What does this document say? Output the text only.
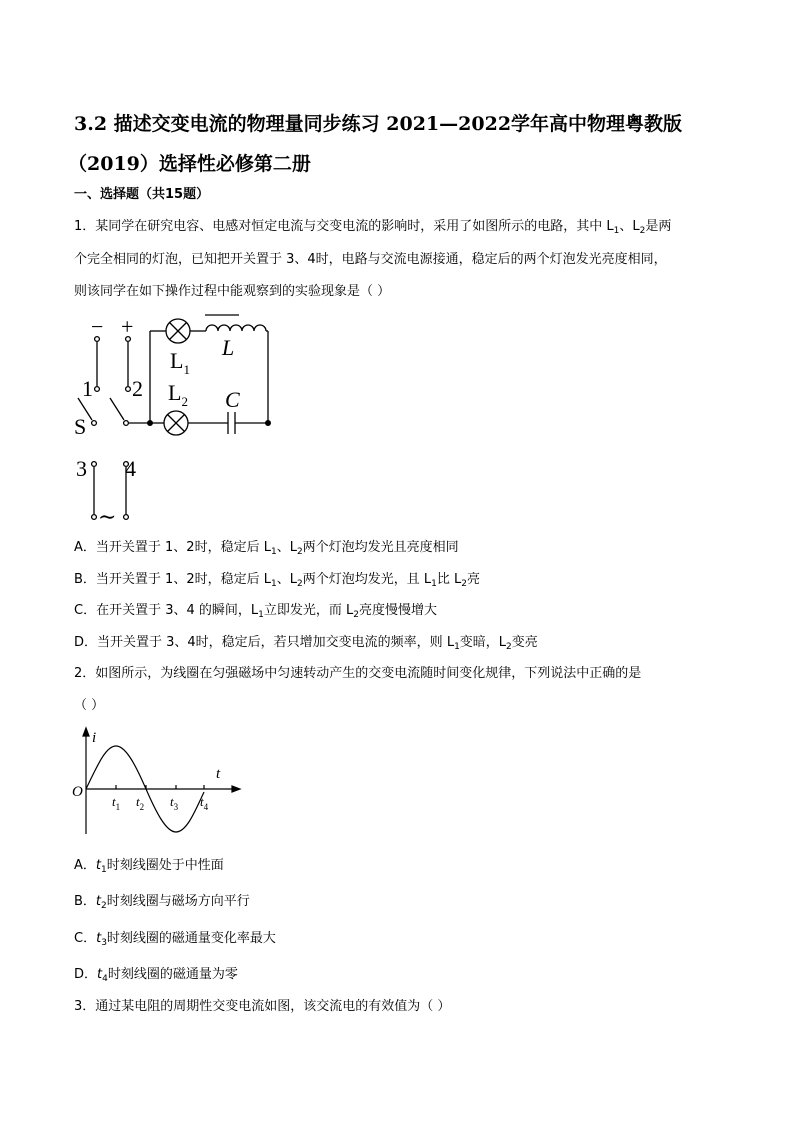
3.2 描述交变电流的物理量同步练习 2021—2022学年高中物理粤教版
（2019）选择性必修第二册
一、选择题（共15题）
1．某同学在研究电容、电感对恒定电流与交变电流的影响时，采用了如图所示的电路，其中 $L_1$、$L_2$是两
个完全相同的灯泡，已知把开关置于 3、4时，电路与交流电源接通，稳定后的两个灯泡发光亮度相同，
则该同学在如下操作过程中能观察到的实验现象是（ ）
− +
$L_1$
L
$L_2$ C
1 2
S
3 4
∼
A．当开关置于 1、2时，稳定后 $L_1$、$L_2$两个灯泡均发光且亮度相同
B．当开关置于 1、2时，稳定后 $L_1$、$L_2$两个灯泡均发光，且 $L_1$比 $L_2$亮
C．在开关置于 3、4 的瞬间，$L_1$立即发光，而 $L_2$亮度慢慢增大
D．当开关置于 3、4时，稳定后，若只增加交变电流的频率，则 $L_1$变暗，$L_2$变亮
2．如图所示，为线圈在匀强磁场中匀速转动产生的交变电流随时间变化规律，下列说法中正确的是
（ ）
i
t
O
$t_1$ $t_2$ $t_3$ $t_4$
A．$t_1$时刻线圈处于中性面
B．$t_2$时刻线圈与磁场方向平行
C．$t_3$时刻线圈的磁通量变化率最大
D．$t_4$时刻线圈的磁通量为零
3．通过某电阻的周期性交变电流如图，该交流电的有效值为（ ）
